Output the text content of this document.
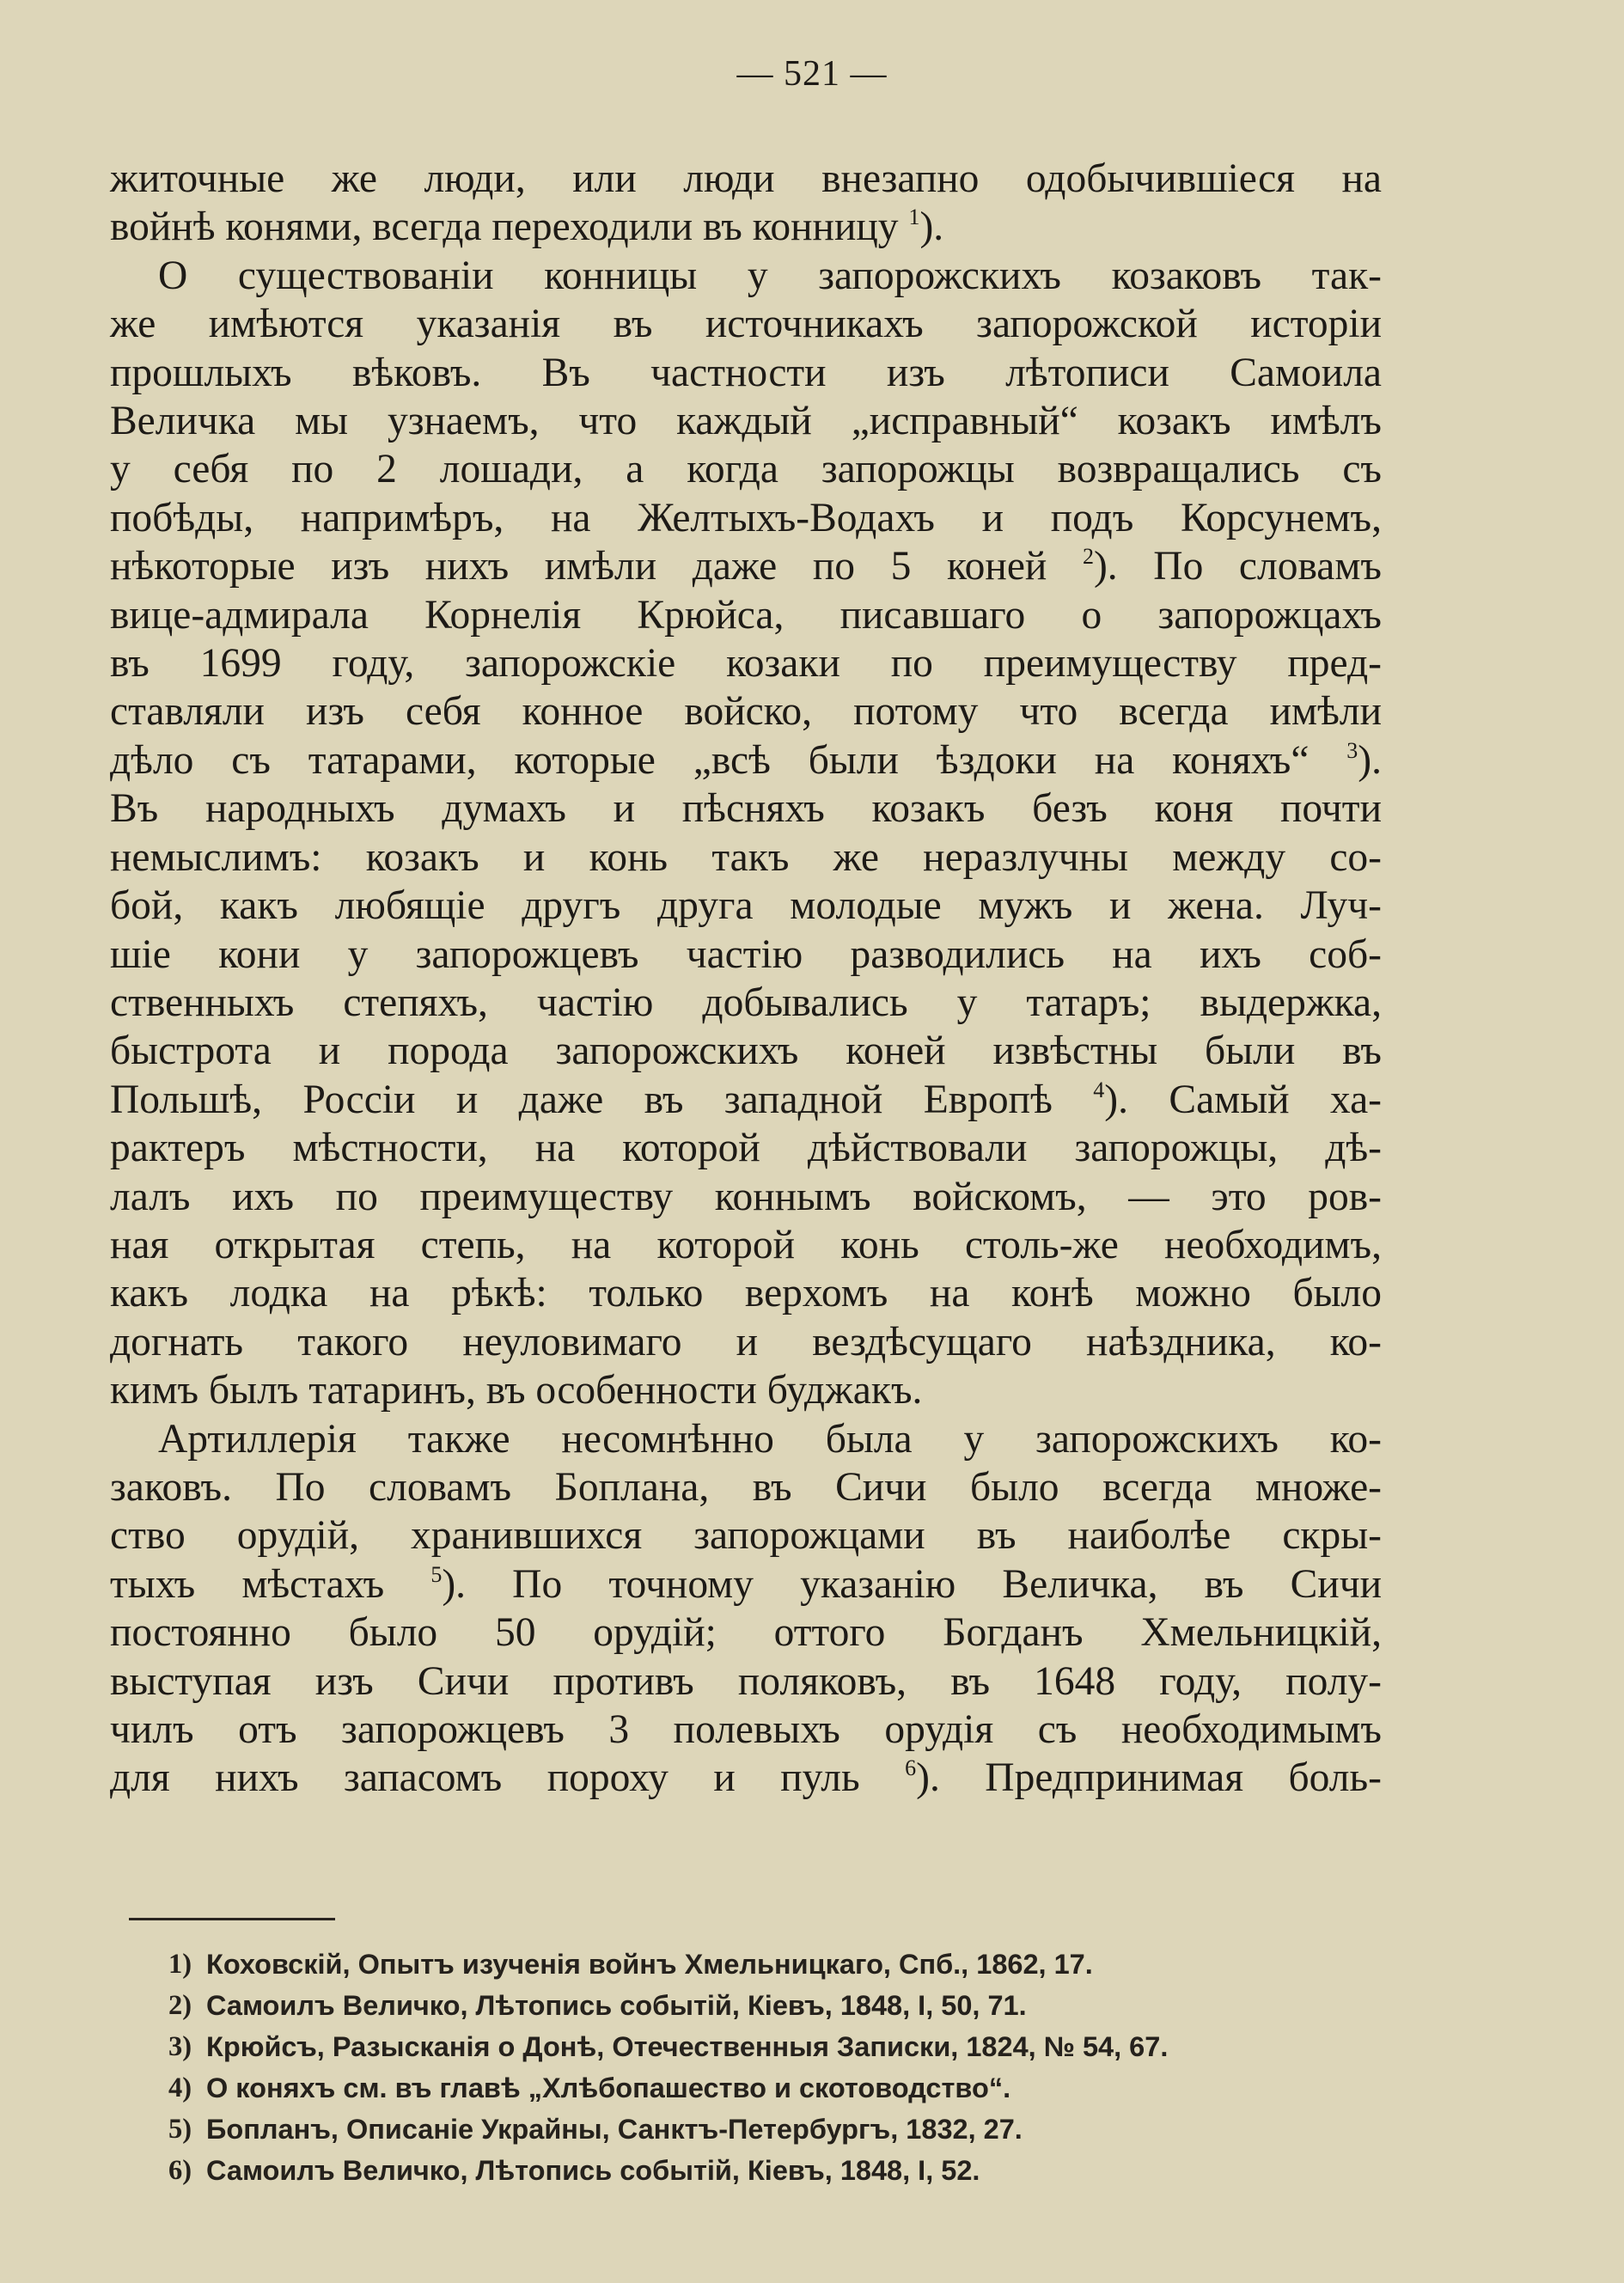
— 521 —
житочные же люди, или люди внезапно одобычившіеся на
войнѣ конями, всегда переходили въ конницу $^1$).
О существованіи конницы у запорожскихъ козаковъ так-
же имѣются указанія въ источникахъ запорожской исторіи
прошлыхъ вѣковъ. Въ частности изъ лѣтописи Самоила
Величка мы узнаемъ, что каждый „исправный“ козакъ имѣлъ
у себя по 2 лошади, а когда запорожцы возвращались съ
побѣды, напримѣръ, на Желтыхъ-Водахъ и подъ Корсунемъ,
нѣкоторые изъ нихъ имѣли даже по 5 коней $^2$). По словамъ
вице-адмирала Корнелія Крюйса, писавшаго о запорожцахъ
въ 1699 году, запорожскіе козаки по преимуществу пред-
ставляли изъ себя конное войско, потому что всегда имѣли
дѣло съ татарами, которые „всѣ были ѣздоки на коняхъ“ $^3$).
Въ народныхъ думахъ и пѣсняхъ козакъ безъ коня почти
немыслимъ: козакъ и конь такъ же неразлучны между со-
бой, какъ любящіе другъ друга молодые мужъ и жена. Луч-
шіе кони у запорожцевъ частію разводились на ихъ соб-
ственныхъ степяхъ, частію добывались у татаръ; выдержка,
быстрота и порода запорожскихъ коней извѣстны были въ
Польшѣ, Россіи и даже въ западной Европѣ $^4$). Самый ха-
рактеръ мѣстности, на которой дѣйствовали запорожцы, дѣ-
лалъ ихъ по преимуществу коннымъ войскомъ, — это ров-
ная открытая степь, на которой конь столь-же необходимъ,
какъ лодка на рѣкѣ: только верхомъ на конѣ можно было
догнать такого неуловимаго и вездѣсущаго наѣздника, ко-
кимъ былъ татаринъ, въ особенности буджакъ.
Артиллерія также несомнѣнно была у запорожскихъ ко-
заковъ. По словамъ Боплана, въ Сичи было всегда множе-
ство орудій, хранившихся запорожцами въ наиболѣе скры-
тыхъ мѣстахъ $^5$). По точному указанію Величка, въ Сичи
постоянно было 50 орудій; оттого Богданъ Хмельницкій,
выступая изъ Сичи противъ поляковъ, въ 1648 году, полу-
чилъ отъ запорожцевъ 3 полевыхъ орудія съ необходимымъ
для нихъ запасомъ пороху и пуль $^6$). Предпринимая боль-
1) Коховскій, Опытъ изученія войнъ Хмельницкаго, Спб., 1862, 17.
2) Самоилъ Величко, Лѣтопись событій, Кіевъ, 1848, I, 50, 71.
3) Крюйсъ, Разысканія о Донѣ, Отечественныя Записки, 1824, № 54, 67.
4) О коняхъ см. въ главѣ „Хлѣбопашество и скотоводство“.
5) Бопланъ, Описаніе Украйны, Санктъ-Петербургъ, 1832, 27.
6) Самоилъ Величко, Лѣтопись событій, Кіевъ, 1848, I, 52.
